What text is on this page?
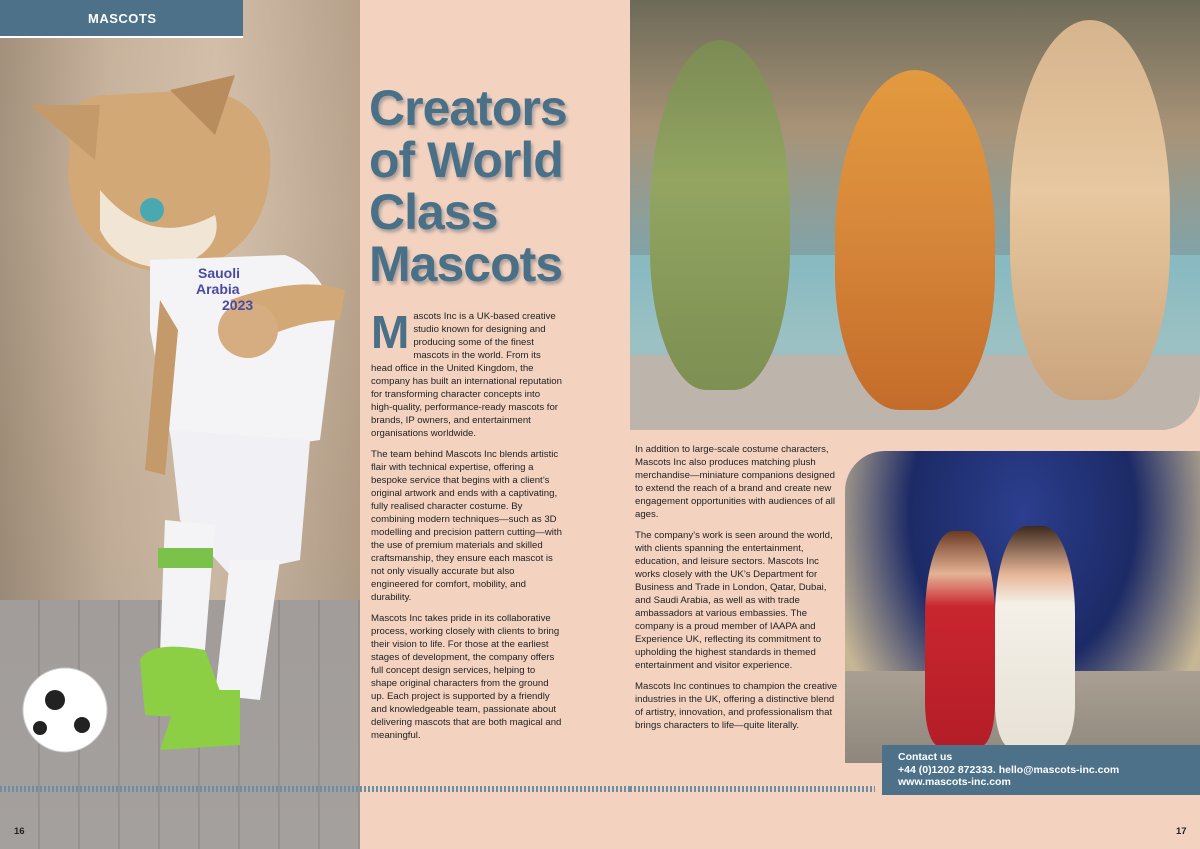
Sauoli
Arabia
2023
MASCOTS
Creators of World Class Mascots

Mascots Inc is a UK-based creative studio known for designing and producing some of the finest mascots in the world. From its head office in the United Kingdom, the company has built an international reputation for transforming character concepts into high-quality, performance-ready mascots for brands, IP owners, and entertainment organisations worldwide.

The team behind Mascots Inc blends artistic flair with technical expertise, offering a bespoke service that begins with a client’s original artwork and ends with a captivating, fully realised character costume. By combining modern techniques—such as 3D modelling and precision pattern cutting—with the use of premium materials and skilled craftsmanship, they ensure each mascot is not only visually accurate but also engineered for comfort, mobility, and durability.

Mascots Inc takes pride in its collaborative process, working closely with clients to bring their vision to life. For those at the earliest stages of development, the company offers full concept design services, helping to shape original characters from the ground up. Each project is supported by a friendly and knowledgeable team, passionate about delivering mascots that are both magical and meaningful.

16

In addition to large-scale costume characters, Mascots Inc also produces matching plush merchandise—miniature companions designed to extend the reach of a brand and create new engagement opportunities with audiences of all ages.

The company’s work is seen around the world, with clients spanning the entertainment, education, and leisure sectors. Mascots Inc works closely with the UK’s Department for Business and Trade in London, Qatar, Dubai, and Saudi Arabia, as well as with trade ambassadors at various embassies. The company is a proud member of IAAPA and Experience UK, reflecting its commitment to upholding the highest standards in themed entertainment and visitor experience.

Mascots Inc continues to champion the creative industries in the UK, offering a distinctive blend of artistry, innovation, and professionalism that brings characters to life—quite literally.

Contact us
+44 (0)1202 872333. hello@mascots-inc.com
www.mascots-inc.com
17
